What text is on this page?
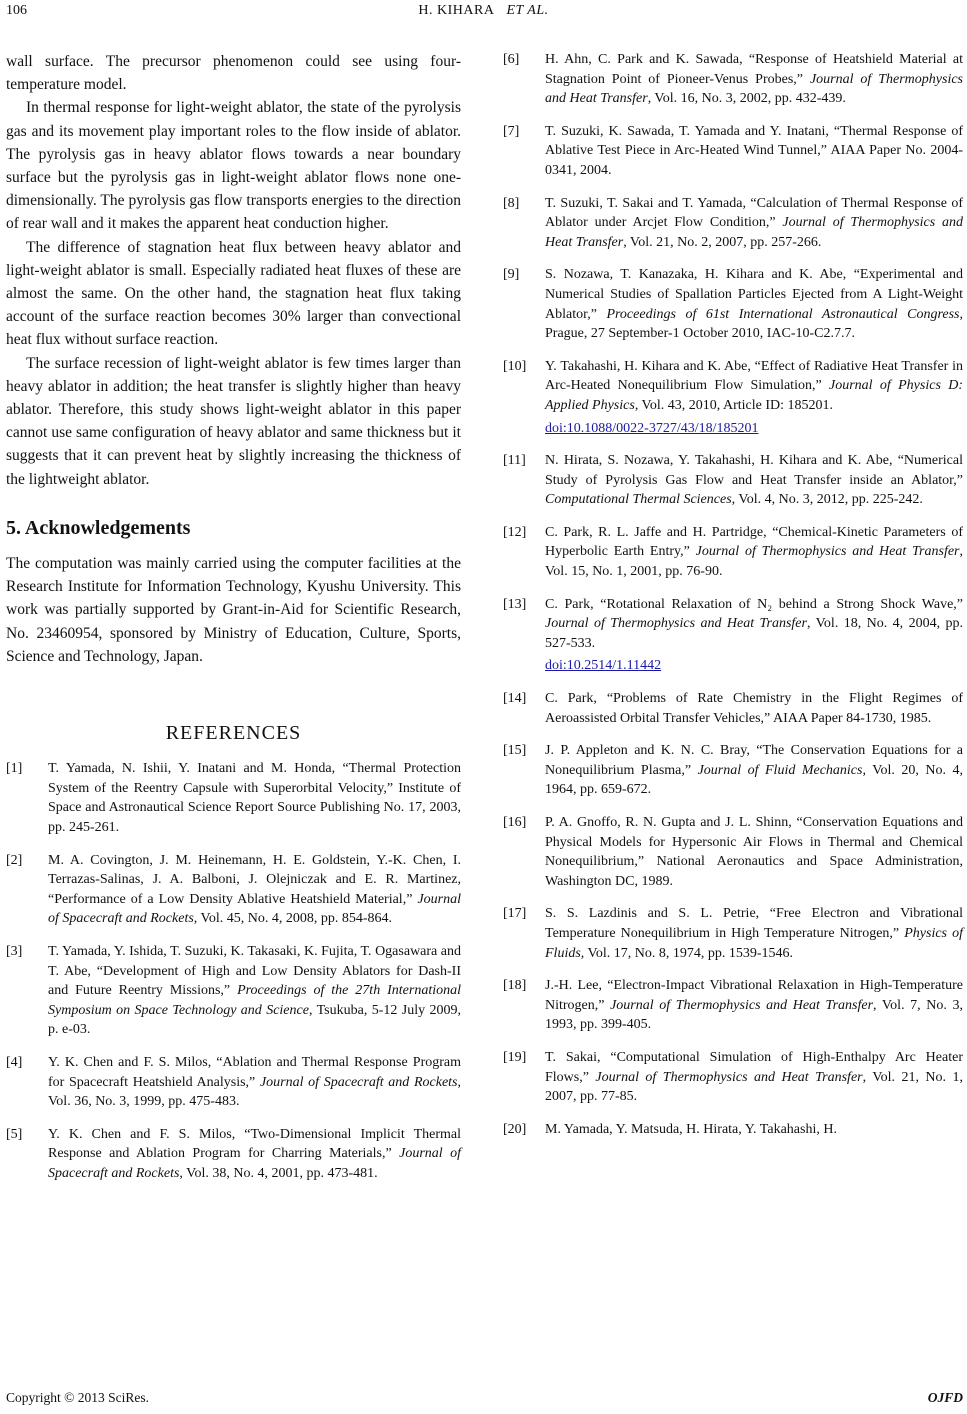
106	H. KIHARA ET AL.

wall surface. The precursor phenomenon could see using four-temperature model.

In thermal response for light-weight ablator, the state of the pyrolysis gas and its movement play important roles to the flow inside of ablator. The pyrolysis gas in heavy ablator flows towards a near boundary surface but the pyrolysis gas in light-weight ablator flows none one-dimensionally. The pyrolysis gas flow transports energies to the direction of rear wall and it makes the apparent heat conduction higher.

The difference of stagnation heat flux between heavy ablator and light-weight ablator is small. Especially radiated heat fluxes of these are almost the same. On the other hand, the stagnation heat flux taking account of the surface reaction becomes 30% larger than convectional heat flux without surface reaction.

The surface recession of light-weight ablator is few times larger than heavy ablator in addition; the heat transfer is slightly higher than heavy ablator. Therefore, this study shows light-weight ablator in this paper cannot use same configuration of heavy ablator and same thickness but it suggests that it can prevent heat by slightly increasing the thickness of the lightweight ablator.

5. Acknowledgements

The computation was mainly carried using the computer facilities at the Research Institute for Information Technology, Kyushu University. This work was partially supported by Grant-in-Aid for Scientific Research, No. 23460954, sponsored by Ministry of Education, Culture, Sports, Science and Technology, Japan.

REFERENCES
[1]	T. Yamada, N. Ishii, Y. Inatani and M. Honda, “Thermal Protection System of the Reentry Capsule with Superorbital Velocity,” Institute of Space and Astronautical Science Report Source Publishing No. 17, 2003, pp. 245-261.
[2]	M. A. Covington, J. M. Heinemann, H. E. Goldstein, Y.-K. Chen, I. Terrazas-Salinas, J. A. Balboni, J. Olejniczak and E. R. Martinez, “Performance of a Low Density Ablative Heatshield Material,” Journal of Spacecraft and Rockets, Vol. 45, No. 4, 2008, pp. 854-864.
[3]	T. Yamada, Y. Ishida, T. Suzuki, K. Takasaki, K. Fujita, T. Ogasawara and T. Abe, “Development of High and Low Density Ablators for Dash-II and Future Reentry Missions,” Proceedings of the 27th International Symposium on Space Technology and Science, Tsukuba, 5-12 July 2009, p. e-03.
[4]	Y. K. Chen and F. S. Milos, “Ablation and Thermal Response Program for Spacecraft Heatshield Analysis,” Journal of Spacecraft and Rockets, Vol. 36, No. 3, 1999, pp. 475-483.
[5]	Y. K. Chen and F. S. Milos, “Two-Dimensional Implicit Thermal Response and Ablation Program for Charring Materials,” Journal of Spacecraft and Rockets, Vol. 38, No. 4, 2001, pp. 473-481.
[6]	H. Ahn, C. Park and K. Sawada, “Response of Heatshield Material at Stagnation Point of Pioneer-Venus Probes,” Journal of Thermophysics and Heat Transfer, Vol. 16, No. 3, 2002, pp. 432-439.
[7]	T. Suzuki, K. Sawada, T. Yamada and Y. Inatani, “Thermal Response of Ablative Test Piece in Arc-Heated Wind Tunnel,” AIAA Paper No. 2004-0341, 2004.
[8]	T. Suzuki, T. Sakai and T. Yamada, “Calculation of Thermal Response of Ablator under Arcjet Flow Condition,” Journal of Thermophysics and Heat Transfer, Vol. 21, No. 2, 2007, pp. 257-266.
[9]	S. Nozawa, T. Kanazaka, H. Kihara and K. Abe, “Experimental and Numerical Studies of Spallation Particles Ejected from A Light-Weight Ablator,” Proceedings of 61st International Astronautical Congress, Prague, 27 September-1 October 2010, IAC-10-C2.7.7.
[10]	Y. Takahashi, H. Kihara and K. Abe, “Effect of Radiative Heat Transfer in Arc-Heated Nonequilibrium Flow Simulation,” Journal of Physics D: Applied Physics, Vol. 43, 2010, Article ID: 185201.
doi:10.1088/0022-3727/43/18/185201
[11]	N. Hirata, S. Nozawa, Y. Takahashi, H. Kihara and K. Abe, “Numerical Study of Pyrolysis Gas Flow and Heat Transfer inside an Ablator,” Computational Thermal Sciences, Vol. 4, No. 3, 2012, pp. 225-242.
[12]	C. Park, R. L. Jaffe and H. Partridge, “Chemical-Kinetic Parameters of Hyperbolic Earth Entry,” Journal of Thermophysics and Heat Transfer, Vol. 15, No. 1, 2001, pp. 76-90.
[13]	C. Park, “Rotational Relaxation of N₂ behind a Strong Shock Wave,” Journal of Thermophysics and Heat Transfer, Vol. 18, No. 4, 2004, pp. 527-533.
doi:10.2514/1.11442
[14]	C. Park, “Problems of Rate Chemistry in the Flight Regimes of Aeroassisted Orbital Transfer Vehicles,” AIAA Paper 84-1730, 1985.
[15]	J. P. Appleton and K. N. C. Bray, “The Conservation Equations for a Nonequilibrium Plasma,” Journal of Fluid Mechanics, Vol. 20, No. 4, 1964, pp. 659-672.
[16]	P. A. Gnoffo, R. N. Gupta and J. L. Shinn, “Conservation Equations and Physical Models for Hypersonic Air Flows in Thermal and Chemical Nonequilibrium,” National Aeronautics and Space Administration, Washington DC, 1989.
[17]	S. S. Lazdinis and S. L. Petrie, “Free Electron and Vibrational Temperature Nonequilibrium in High Temperature Nitrogen,” Physics of Fluids, Vol. 17, No. 8, 1974, pp. 1539-1546.
[18]	J.-H. Lee, “Electron-Impact Vibrational Relaxation in High-Temperature Nitrogen,” Journal of Thermophysics and Heat Transfer, Vol. 7, No. 3, 1993, pp. 399-405.
[19]	T. Sakai, “Computational Simulation of High-Enthalpy Arc Heater Flows,” Journal of Thermophysics and Heat Transfer, Vol. 21, No. 1, 2007, pp. 77-85.
[20]	M. Yamada, Y. Matsuda, H. Hirata, Y. Takahashi, H.
Copyright © 2013 SciRes.	OJFD
